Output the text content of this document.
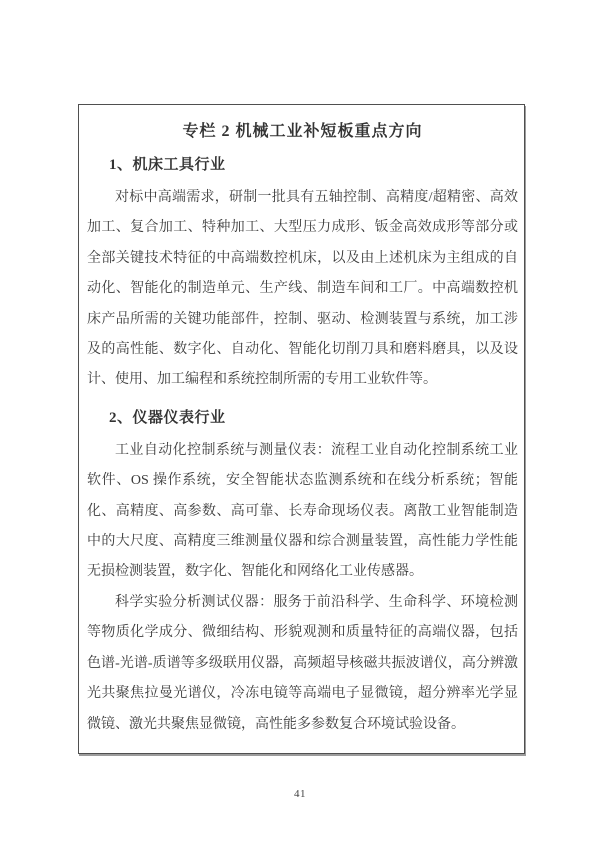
专栏 2 机械工业补短板重点方向
1、机床工具行业

对标中高端需求，研制一批具有五轴控制、高精度/超精密、高效加工、复合加工、特种加工、大型压力成形、钣金高效成形等部分或全部关键技术特征的中高端数控机床，以及由上述机床为主组成的自动化、智能化的制造单元、生产线、制造车间和工厂。中高端数控机床产品所需的关键功能部件，控制、驱动、检测装置与系统，加工涉及的高性能、数字化、自动化、智能化切削刀具和磨料磨具，以及设计、使用、加工编程和系统控制所需的专用工业软件等。

2、仪器仪表行业

工业自动化控制系统与测量仪表：流程工业自动化控制系统工业软件、OS 操作系统，安全智能状态监测系统和在线分析系统；智能化、高精度、高参数、高可靠、长寿命现场仪表。离散工业智能制造中的大尺度、高精度三维测量仪器和综合测量装置，高性能力学性能无损检测装置，数字化、智能化和网络化工业传感器。

科学实验分析测试仪器：服务于前沿科学、生命科学、环境检测等物质化学成分、微细结构、形貌观测和质量特征的高端仪器，包括色谱-光谱-质谱等多级联用仪器，高频超导核磁共振波谱仪，高分辨激光共聚焦拉曼光谱仪，冷冻电镜等高端电子显微镜，超分辨率光学显微镜、激光共聚焦显微镜，高性能多参数复合环境试验设备。

41
